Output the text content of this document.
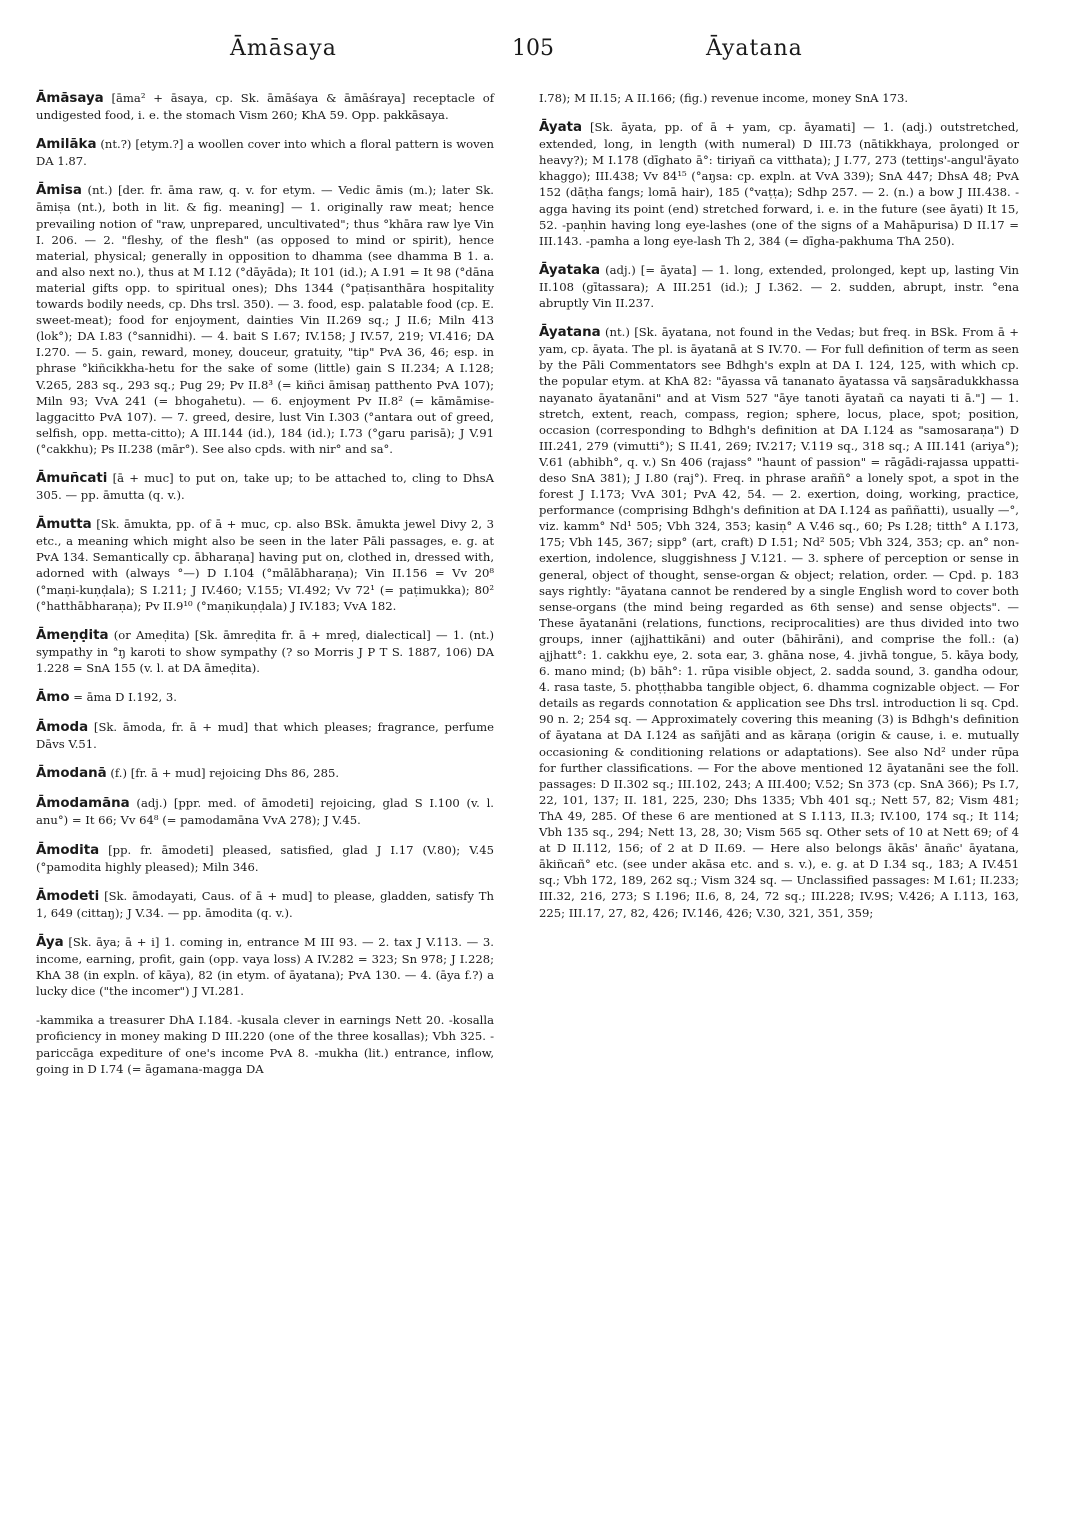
Āmāsaya	105	Āyatana
Āmāsaya [āma² + āsaya, cp. Sk. āmāśaya & āmāśraya] receptacle of undigested food, i. e. the stomach Vism 260; KhA 59. Opp. pakkāsaya.
Amilāka (nt.?) [etym.?] a woollen cover into which a floral pattern is woven DA 1.87.
Āmisa (nt.) [der. fr. āma raw, q. v. for etym. — Vedic āmis (m.); later Sk. āmiṣa (nt.), both in lit. & fig. meaning] — 1. originally raw meat; hence prevailing notion of "raw, unprepared, uncultivated"; thus °khāra raw lye Vin I. 206. — 2. "fleshy, of the flesh" (as opposed to mind or spirit), hence material, physical; generally in opposition to dhamma (see dhamma B 1. a. and also next no.), thus at M I.12 (°dāyāda); It 101 (id.); A I.91 = It 98 (°dāna material gifts opp. to spiritual ones); Dhs 1344 (°paṭisanthāra hospitality towards bodily needs, cp. Dhs trsl. 350). — 3. food, esp. palatable food (cp. E. sweet-meat); food for enjoyment, dainties Vin II.269 sq.; J II.6; Miln 413 (lok°); DA I.83 (°sannidhi). — 4. bait S I.67; IV.158; J IV.57, 219; VI.416; DA I.270. — 5. gain, reward, money, douceur, gratuity, "tip" PvA 36, 46; esp. in phrase °kiñcikkha-hetu for the sake of some (little) gain S II.234; A I.128; V.265, 283 sq., 293 sq.; Pug 29; Pv II.8³ (= kiñci āmisaŋ patthento PvA 107); Miln 93; VvA 241 (= bhogahetu). — 6. enjoyment Pv II.8² (= kāmāmise-laggacitto PvA 107). — 7. greed, desire, lust Vin I.303 (°antara out of greed, selfish, opp. metta-citto); A III.144 (id.), 184 (id.); I.73 (°garu parisā); J V.91 (°cakkhu); Ps II.238 (mār°). See also cpds. with nir° and sa°.
Āmuñcati [ā + muc] to put on, take up; to be attached to, cling to DhsA 305. — pp. āmutta (q. v.).
Āmutta [Sk. āmukta, pp. of ā + muc, cp. also BSk. āmukta jewel Divy 2, 3 etc., a meaning which might also be seen in the later Pāli passages, e. g. at PvA 134. Semantically cp. ābharaṇa] having put on, clothed in, dressed with, adorned with (always °—) D I.104 (°mālābharaṇa); Vin II.156 = Vv 20⁸ (°maṇi-kuṇḍala); S I.211; J IV.460; V.155; VI.492; Vv 72¹ (= paṭimukka); 80² (°hatthābharaṇa); Pv II.9¹⁰ (°maṇikuṇḍala) J IV.183; VvA 182.
Āmeṇḍita (or Ameḍita) [Sk. āmreḍita fr. ā + mreḍ, dialectical] — 1. (nt.) sympathy in °ŋ karoti to show sympathy (? so Morris J P T S. 1887, 106) DA 1.228 = SnA 155 (v. l. at DA āmeḍita).
Āmo = āma D I.192, 3.
Āmoda [Sk. āmoda, fr. ā + mud] that which pleases; fragrance, perfume Dāvs V.51.
Āmodanā (f.) [fr. ā + mud] rejoicing Dhs 86, 285.
Āmodamāna (adj.) [ppr. med. of āmodeti] rejoicing, glad S I.100 (v. l. anu°) = It 66; Vv 64⁸ (= pamodamāna VvA 278); J V.45.
Āmodita [pp. fr. āmodeti] pleased, satisfied, glad J I.17 (V.80); V.45 (°pamodita highly pleased); Miln 346.
Āmodeti [Sk. āmodayati, Caus. of ā + mud] to please, gladden, satisfy Th 1, 649 (cittaŋ); J V.34. — pp. āmodita (q. v.).
Āya [Sk. āya; ā + i] 1. coming in, entrance M III 93. — 2. tax J V.113. — 3. income, earning, profit, gain (opp. vaya loss) A IV.282 = 323; Sn 978; J I.228; KhA 38 (in expln. of kāya), 82 (in etym. of āyatana); PvA 130. — 4. (āya f.?) a lucky dice ("the incomer") J VI.281.
-kammika a treasurer DhA I.184. -kusala clever in earnings Nett 20. -kosalla proficiency in money making D III.220 (one of the three kosallas); Vbh 325. -pariccāga expediture of one's income PvA 8. -mukha (lit.) entrance, inflow, going in D I.74 (= āgamana-magga DA
I.78); M II.15; A II.166; (fig.) revenue income, money SnA 173.
Āyata [Sk. āyata, pp. of ā + yam, cp. āyamati] — 1. (adj.) outstretched, extended, long, in length (with numeral) D III.73 (nātikkhaya, prolonged or heavy?); M I.178 (dīghato ā°: tiriyañ ca vitthata); J I.77, 273 (tettiŋs'-angul'āyato khaggo); III.438; Vv 84¹⁵ (°aŋsa: cp. expln. at VvA 339); SnA 447; DhsA 48; PvA 152 (dāṭha fangs; lomā hair), 185 (°vaṭṭa); Sdhp 257. — 2. (n.) a bow J III.438. -agga having its point (end) stretched forward, i. e. in the future (see āyati) It 15, 52. -paṇhin having long eye-lashes (one of the signs of a Mahāpurisa) D II.17 = III.143. -pamha a long eye-lash Th 2, 384 (= dīgha-pakhuma ThA 250).
Āyataka (adj.) [= āyata] — 1. long, extended, prolonged, kept up, lasting Vin II.108 (gītassara); A III.251 (id.); J I.362. — 2. sudden, abrupt, instr. °ena abruptly Vin II.237.
Āyatana (nt.) [Sk. āyatana, not found in the Vedas; but freq. in BSk. From ā + yam, cp. āyata. The pl. is āyatanā at S IV.70. — For full definition of term as seen by the Pāli Commentators see Bdhgh's expln at DA I. 124, 125, with which cp. the popular etym. at KhA 82: "āyassa vā tananato āyatassa vā saŋsāradukkhassa nayanato āyatanāni" and at Vism 527 "āye tanoti āyatañ ca nayati ti ā."] — 1. stretch, extent, reach, compass, region; sphere, locus, place, spot; position, occasion (corresponding to Bdhgh's definition at DA I.124 as "samosaraṇa") D III.241, 279 (vimutti°); S II.41, 269; IV.217; V.119 sq., 318 sq.; A III.141 (ariya°); V.61 (abhibh°, q. v.) Sn 406 (rajass° "haunt of passion" = rāgādi-rajassa uppatti-deso SnA 381); J I.80 (raj°). Freq. in phrase araññ° a lonely spot, a spot in the forest J I.173; VvA 301; PvA 42, 54. — 2. exertion, doing, working, practice, performance (comprising Bdhgh's definition at DA I.124 as paññatti), usually —°, viz. kamm° Nd¹ 505; Vbh 324, 353; kasiṇ° A V.46 sq., 60; Ps I.28; titth° A I.173, 175; Vbh 145, 367; sipp° (art, craft) D I.51; Nd² 505; Vbh 324, 353; cp. an° non-exertion, indolence, sluggishness J V.121. — 3. sphere of perception or sense in general, object of thought, sense-organ & object; relation, order. — Cpd. p. 183 says rightly: "āyatana cannot be rendered by a single English word to cover both sense-organs (the mind being regarded as 6th sense) and sense objects". — These āyatanāni (relations, functions, reciprocalities) are thus divided into two groups, inner (ajjhattikāni) and outer (bāhirāni), and comprise the foll.: (a) ajjhatt°: 1. cakkhu eye, 2. sota ear, 3. ghāna nose, 4. jivhā tongue, 5. kāya body, 6. mano mind; (b) bāh°: 1. rūpa visible object, 2. sadda sound, 3. gandha odour, 4. rasa taste, 5. phoṭṭhabba tangible object, 6. dhamma cognizable object. — For details as regards connotation & application see Dhs trsl. introduction li sq. Cpd. 90 n. 2; 254 sq. — Approximately covering this meaning (3) is Bdhgh's definition of āyatana at DA I.124 as sañjāti and as kāraṇa (origin & cause, i. e. mutually occasioning & conditioning relations or adaptations). See also Nd² under rūpa for further classifications. — For the above mentioned 12 āyatanāni see the foll. passages: D II.302 sq.; III.102, 243; A III.400; V.52; Sn 373 (cp. SnA 366); Ps I.7, 22, 101, 137; II. 181, 225, 230; Dhs 1335; Vbh 401 sq.; Nett 57, 82; Vism 481; ThA 49, 285. Of these 6 are mentioned at S I.113, II.3; IV.100, 174 sq.; It 114; Vbh 135 sq., 294; Nett 13, 28, 30; Vism 565 sq. Other sets of 10 at Nett 69; of 4 at D II.112, 156; of 2 at D II.69. — Here also belongs ākās' ānañc' āyatana, ākiñcañ° etc. (see under akāsa etc. and s. v.), e. g. at D I.34 sq., 183; A IV.451 sq.; Vbh 172, 189, 262 sq.; Vism 324 sq. — Unclassified passages: M I.61; II.233; III.32, 216, 273; S I.196; II.6, 8, 24, 72 sq.; III.228; IV.9S; V.426; A I.113, 163, 225; III.17, 27, 82, 426; IV.146, 426; V.30, 321, 351, 359;
